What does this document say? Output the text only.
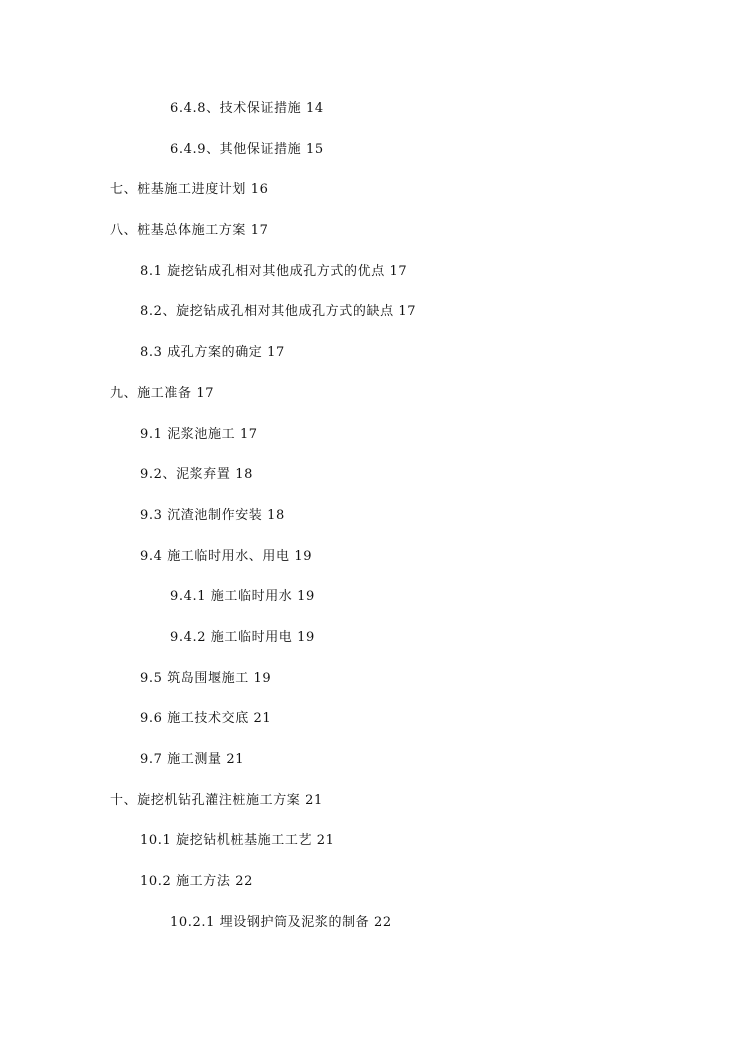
6.4.8、技术保证措施 14
6.4.9、其他保证措施 15
七、桩基施工进度计划 16
八、桩基总体施工方案 17
8.1 旋挖钻成孔相对其他成孔方式的优点 17
8.2、旋挖钻成孔相对其他成孔方式的缺点 17
8.3 成孔方案的确定 17
九、施工准备 17
9.1 泥浆池施工 17
9.2、泥浆弃置 18
9.3 沉渣池制作安装 18
9.4 施工临时用水、用电 19
9.4.1 施工临时用水 19
9.4.2 施工临时用电 19
9.5 筑岛围堰施工 19
9.6 施工技术交底 21
9.7 施工测量 21
十、旋挖机钻孔灌注桩施工方案 21
10.1 旋挖钻机桩基施工工艺 21
10.2 施工方法 22
10.2.1 埋设钢护筒及泥浆的制备 22
